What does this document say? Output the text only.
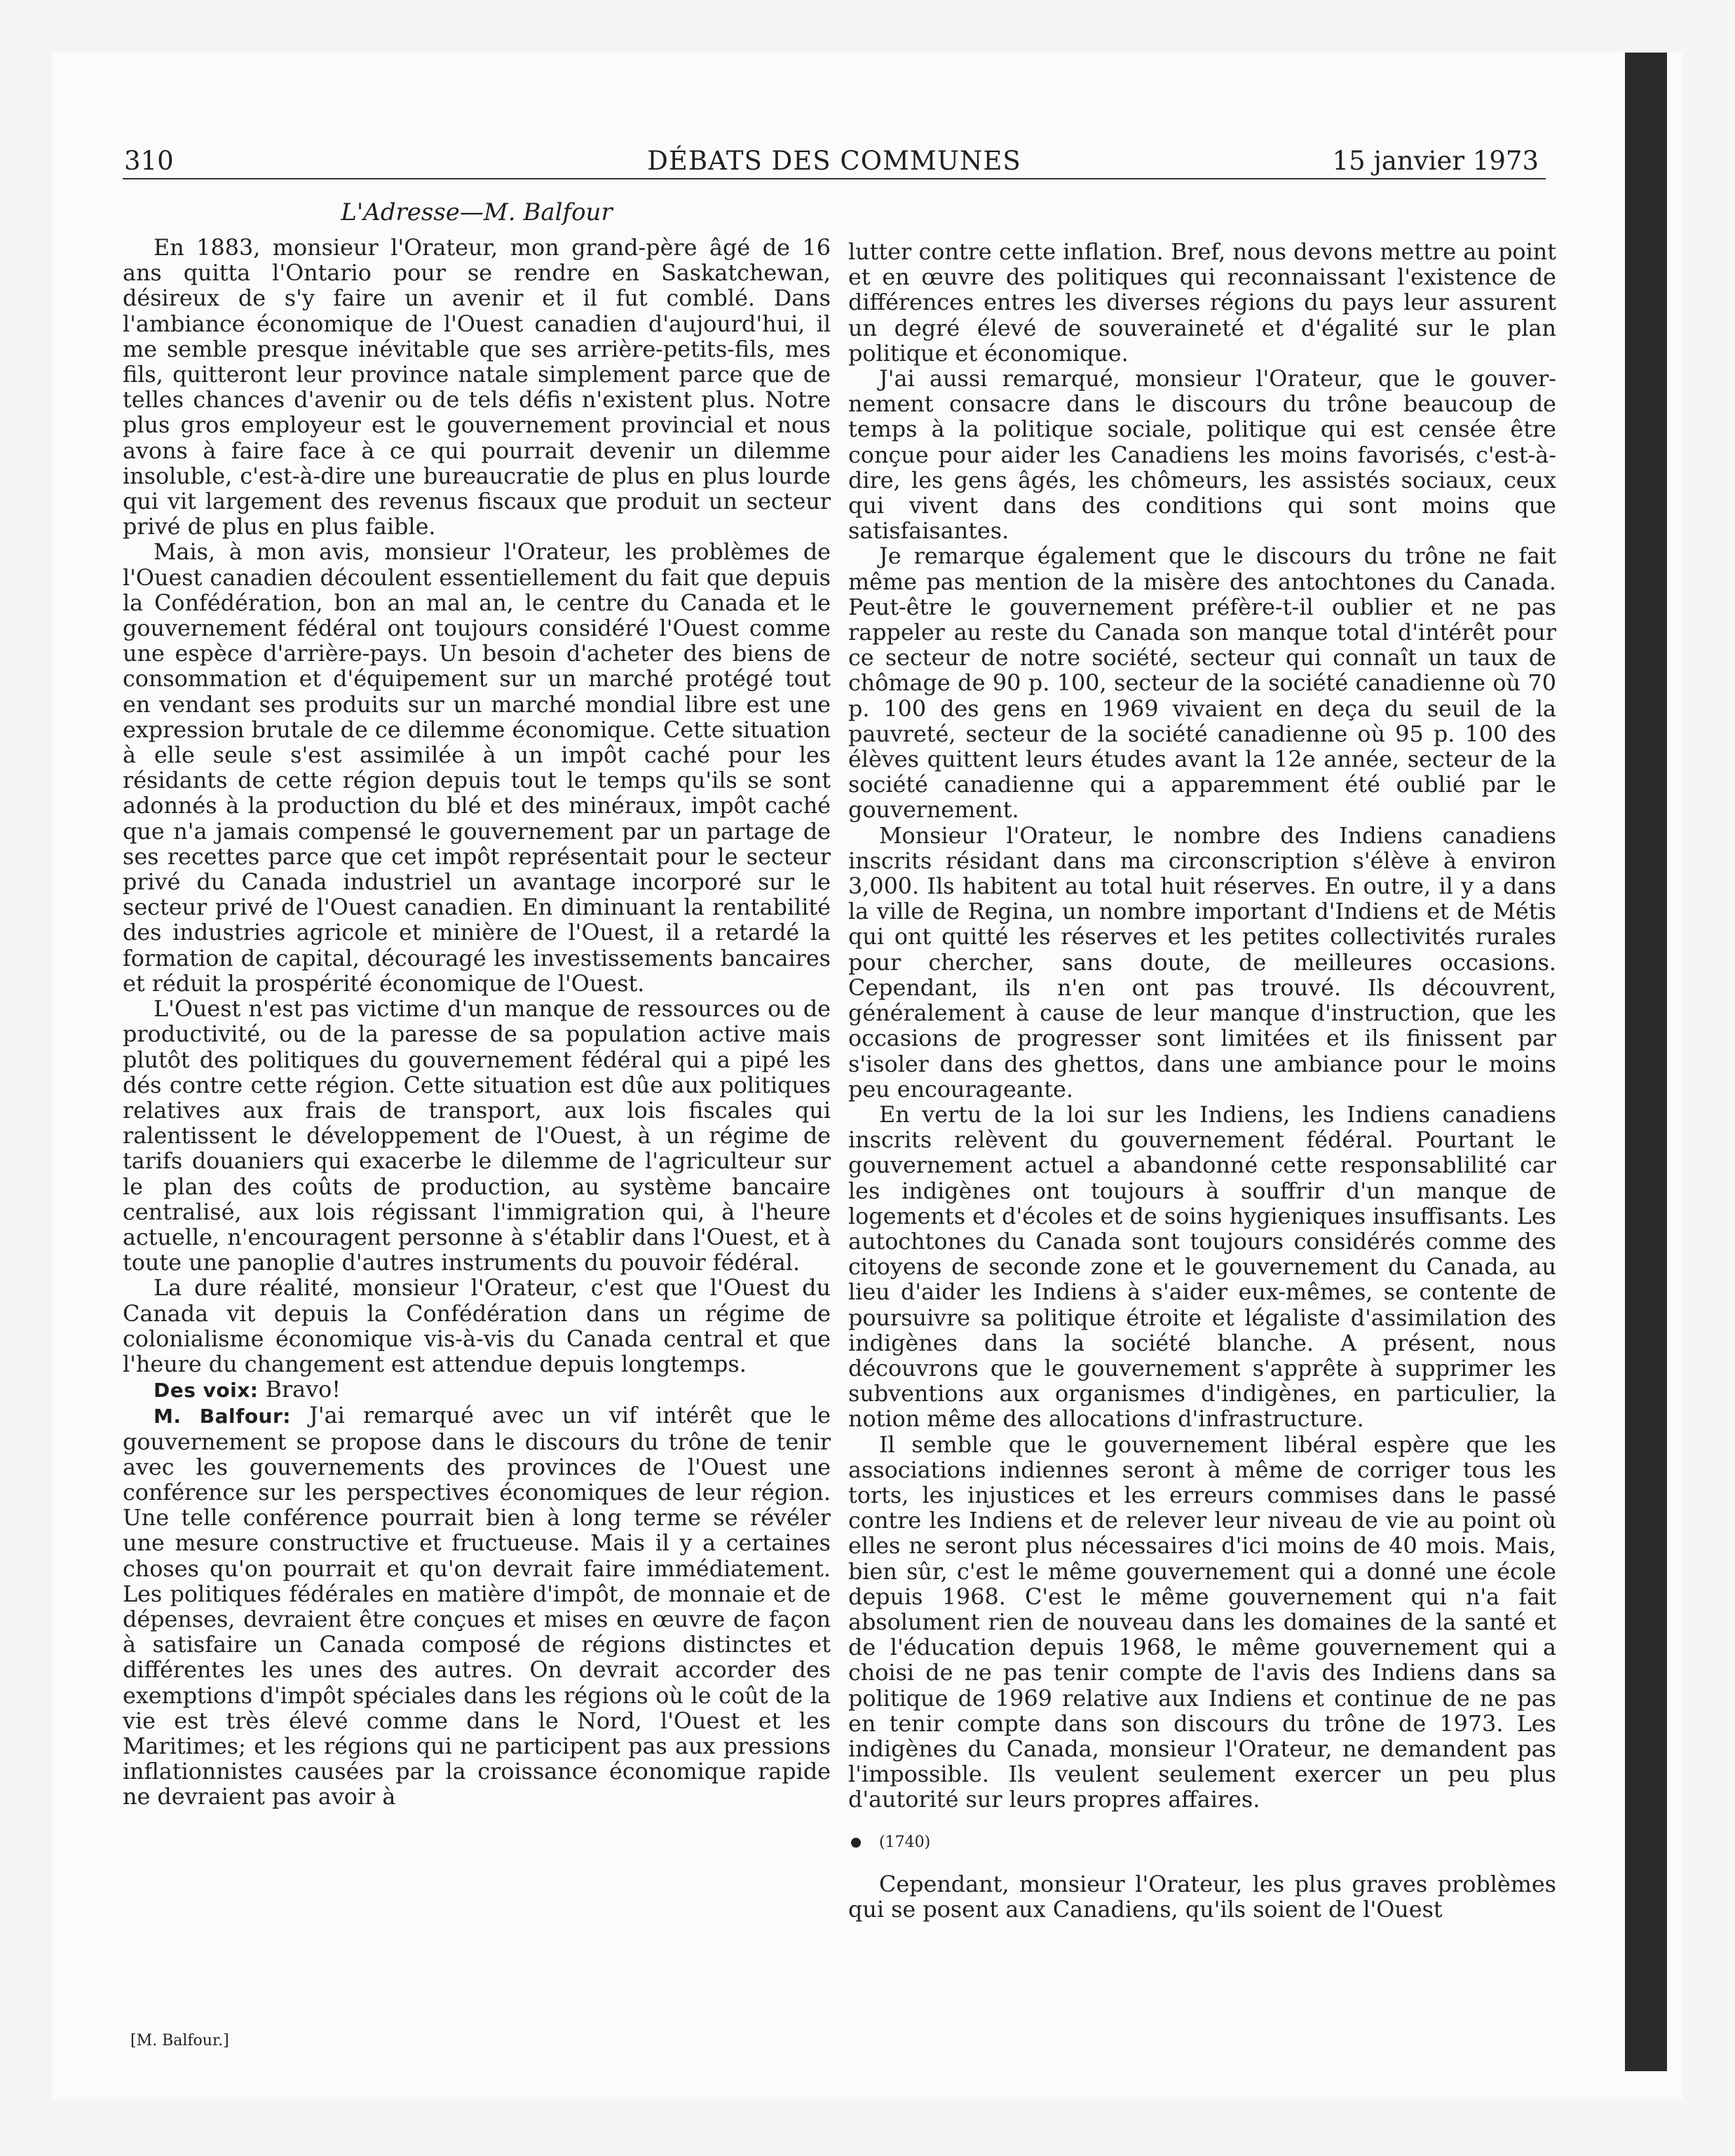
310	DÉBATS DES COMMUNES	15 janvier 1973
L'Adresse—M. Balfour

En 1883, monsieur l'Orateur, mon grand-père âgé de 16 ans quitta l'Ontario pour se rendre en Saskatchewan, désireux de s'y faire un avenir et il fut comblé. Dans l'ambiance économique de l'Ouest canadien d'aujourd'hui, il me semble presque inévitable que ses arrière-petits-fils, mes fils, quitteront leur province natale simplement parce que de telles chances d'avenir ou de tels défis n'existent plus. Notre plus gros employeur est le gouvernement provincial et nous avons à faire face à ce qui pourrait devenir un dilemme insoluble, c'est-à-dire une bureaucratie de plus en plus lourde qui vit largement des revenus fiscaux que produit un secteur privé de plus en plus faible.

Mais, à mon avis, monsieur l'Orateur, les problèmes de l'Ouest canadien découlent essentiellement du fait que depuis la Confédération, bon an mal an, le centre du Canada et le gouvernement fédéral ont toujours considéré l'Ouest comme une espèce d'arrière-pays. Un besoin d'acheter des biens de consommation et d'équipement sur un marché protégé tout en vendant ses produits sur un marché mondial libre est une expression brutale de ce dilemme économique. Cette situation à elle seule s'est assimilée à un impôt caché pour les résidants de cette région depuis tout le temps qu'ils se sont adonnés à la production du blé et des minéraux, impôt caché que n'a jamais compensé le gouvernement par un partage de ses recettes parce que cet impôt représentait pour le secteur privé du Canada industriel un avantage incorporé sur le secteur privé de l'Ouest canadien. En diminuant la rentabilité des industries agricole et minière de l'Ouest, il a retardé la formation de capital, découragé les investissements bancaires et réduit la prospérité économique de l'Ouest.

L'Ouest n'est pas victime d'un manque de ressources ou de productivité, ou de la paresse de sa population active mais plutôt des politiques du gouvernement fédéral qui a pipé les dés contre cette région. Cette situation est dûe aux politiques relatives aux frais de transport, aux lois fiscales qui ralentissent le développement de l'Ouest, à un régime de tarifs douaniers qui exacerbe le dilemme de l'agriculteur sur le plan des coûts de production, au système bancaire centralisé, aux lois régissant l'immigration qui, à l'heure actuelle, n'encouragent personne à s'établir dans l'Ouest, et à toute une panoplie d'autres instruments du pouvoir fédéral.

La dure réalité, monsieur l'Orateur, c'est que l'Ouest du Canada vit depuis la Confédération dans un régime de colonialisme économique vis-à-vis du Canada central et que l'heure du changement est attendue depuis longtemps.

Des voix: Bravo!

M. Balfour: J'ai remarqué avec un vif intérêt que le gouvernement se propose dans le discours du trône de tenir avec les gouvernements des provinces de l'Ouest une conférence sur les perspectives économiques de leur région. Une telle conférence pourrait bien à long terme se révéler une mesure constructive et fructueuse. Mais il y a certaines choses qu'on pourrait et qu'on devrait faire immédiatement. Les politiques fédérales en matière d'impôt, de monnaie et de dépenses, devraient être conçues et mises en œuvre de façon à satisfaire un Canada composé de régions distinctes et différentes les unes des autres. On devrait accorder des exemptions d'impôt spéciales dans les régions où le coût de la vie est très élevé comme dans le Nord, l'Ouest et les Maritimes; et les régions qui ne participent pas aux pressions inflationnistes causées par la croissance économique rapide ne devraient pas avoir à

[M. Balfour.]

lutter contre cette inflation. Bref, nous devons mettre au point et en œuvre des politiques qui reconnaissant l'existence de différences entres les diverses régions du pays leur assurent un degré élevé de souveraineté et d'égalité sur le plan politique et économique.

J'ai aussi remarqué, monsieur l'Orateur, que le gouvernement consacre dans le discours du trône beaucoup de temps à la politique sociale, politique qui est censée être conçue pour aider les Canadiens les moins favorisés, c'est-à-dire, les gens âgés, les chômeurs, les assistés sociaux, ceux qui vivent dans des conditions qui sont moins que satisfaisantes.

Je remarque également que le discours du trône ne fait même pas mention de la misère des antochtones du Canada. Peut-être le gouvernement préfère-t-il oublier et ne pas rappeler au reste du Canada son manque total d'intérêt pour ce secteur de notre société, secteur qui connaît un taux de chômage de 90 p. 100, secteur de la société canadienne où 70 p. 100 des gens en 1969 vivaient en deça du seuil de la pauvreté, secteur de la société canadienne où 95 p. 100 des élèves quittent leurs études avant la 12e année, secteur de la société canadienne qui a apparemment été oublié par le gouvernement.

Monsieur l'Orateur, le nombre des Indiens canadiens inscrits résidant dans ma circonscription s'élève à environ 3,000. Ils habitent au total huit réserves. En outre, il y a dans la ville de Regina, un nombre important d'Indiens et de Métis qui ont quitté les réserves et les petites collectivités rurales pour chercher, sans doute, de meilleures occasions. Cependant, ils n'en ont pas trouvé. Ils découvrent, généralement à cause de leur manque d'instruction, que les occasions de progresser sont limitées et ils finissent par s'isoler dans des ghettos, dans une ambiance pour le moins peu encourageante.

En vertu de la loi sur les Indiens, les Indiens canadiens inscrits relèvent du gouvernement fédéral. Pourtant le gouvernement actuel a abandonné cette responsablilité car les indigènes ont toujours à souffrir d'un manque de logements et d'écoles et de soins hygieniques insuffisants. Les autochtones du Canada sont toujours considérés comme des citoyens de seconde zone et le gouvernement du Canada, au lieu d'aider les Indiens à s'aider eux-mêmes, se contente de poursuivre sa politique étroite et légaliste d'assimilation des indigènes dans la société blanche. A présent, nous découvrons que le gouvernement s'apprête à supprimer les subventions aux organismes d'indigènes, en particulier, la notion même des allocations d'infrastructure.

Il semble que le gouvernement libéral espère que les associations indiennes seront à même de corriger tous les torts, les injustices et les erreurs commises dans le passé contre les Indiens et de relever leur niveau de vie au point où elles ne seront plus nécessaires d'ici moins de 40 mois. Mais, bien sûr, c'est le même gouvernement qui a donné une école depuis 1968. C'est le même gouvernement qui n'a fait absolument rien de nouveau dans les domaines de la santé et de l'éducation depuis 1968, le même gouvernement qui a choisi de ne pas tenir compte de l'avis des Indiens dans sa politique de 1969 relative aux Indiens et continue de ne pas en tenir compte dans son discours du trône de 1973. Les indigènes du Canada, monsieur l'Orateur, ne demandent pas l'impossible. Ils veulent seulement exercer un peu plus d'autorité sur leurs propres affaires.

(1740)

Cependant, monsieur l'Orateur, les plus graves problèmes qui se posent aux Canadiens, qu'ils soient de l'Ouest
